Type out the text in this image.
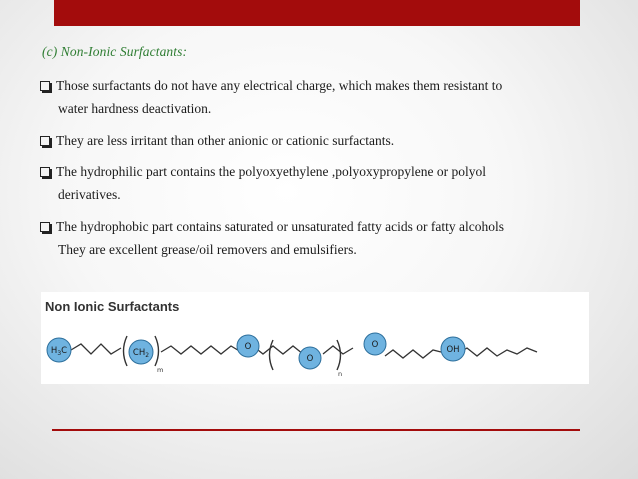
(c) Non-Ionic Surfactants:
Those surfactants do not have any electrical charge, which makes them resistant to
water hardness deactivation.
They are less irritant than other anionic or cationic surfactants.
The hydrophilic part contains the polyoxyethylene ,polyoxypropylene or polyol
derivatives.
The hydrophobic part contains saturated or unsaturated fatty acids or fatty alcohols
They are excellent grease/oil removers and emulsifiers.
Non Ionic Surfactants
$H_3C$	$CH_2$
O
O
O	OH
m	n
